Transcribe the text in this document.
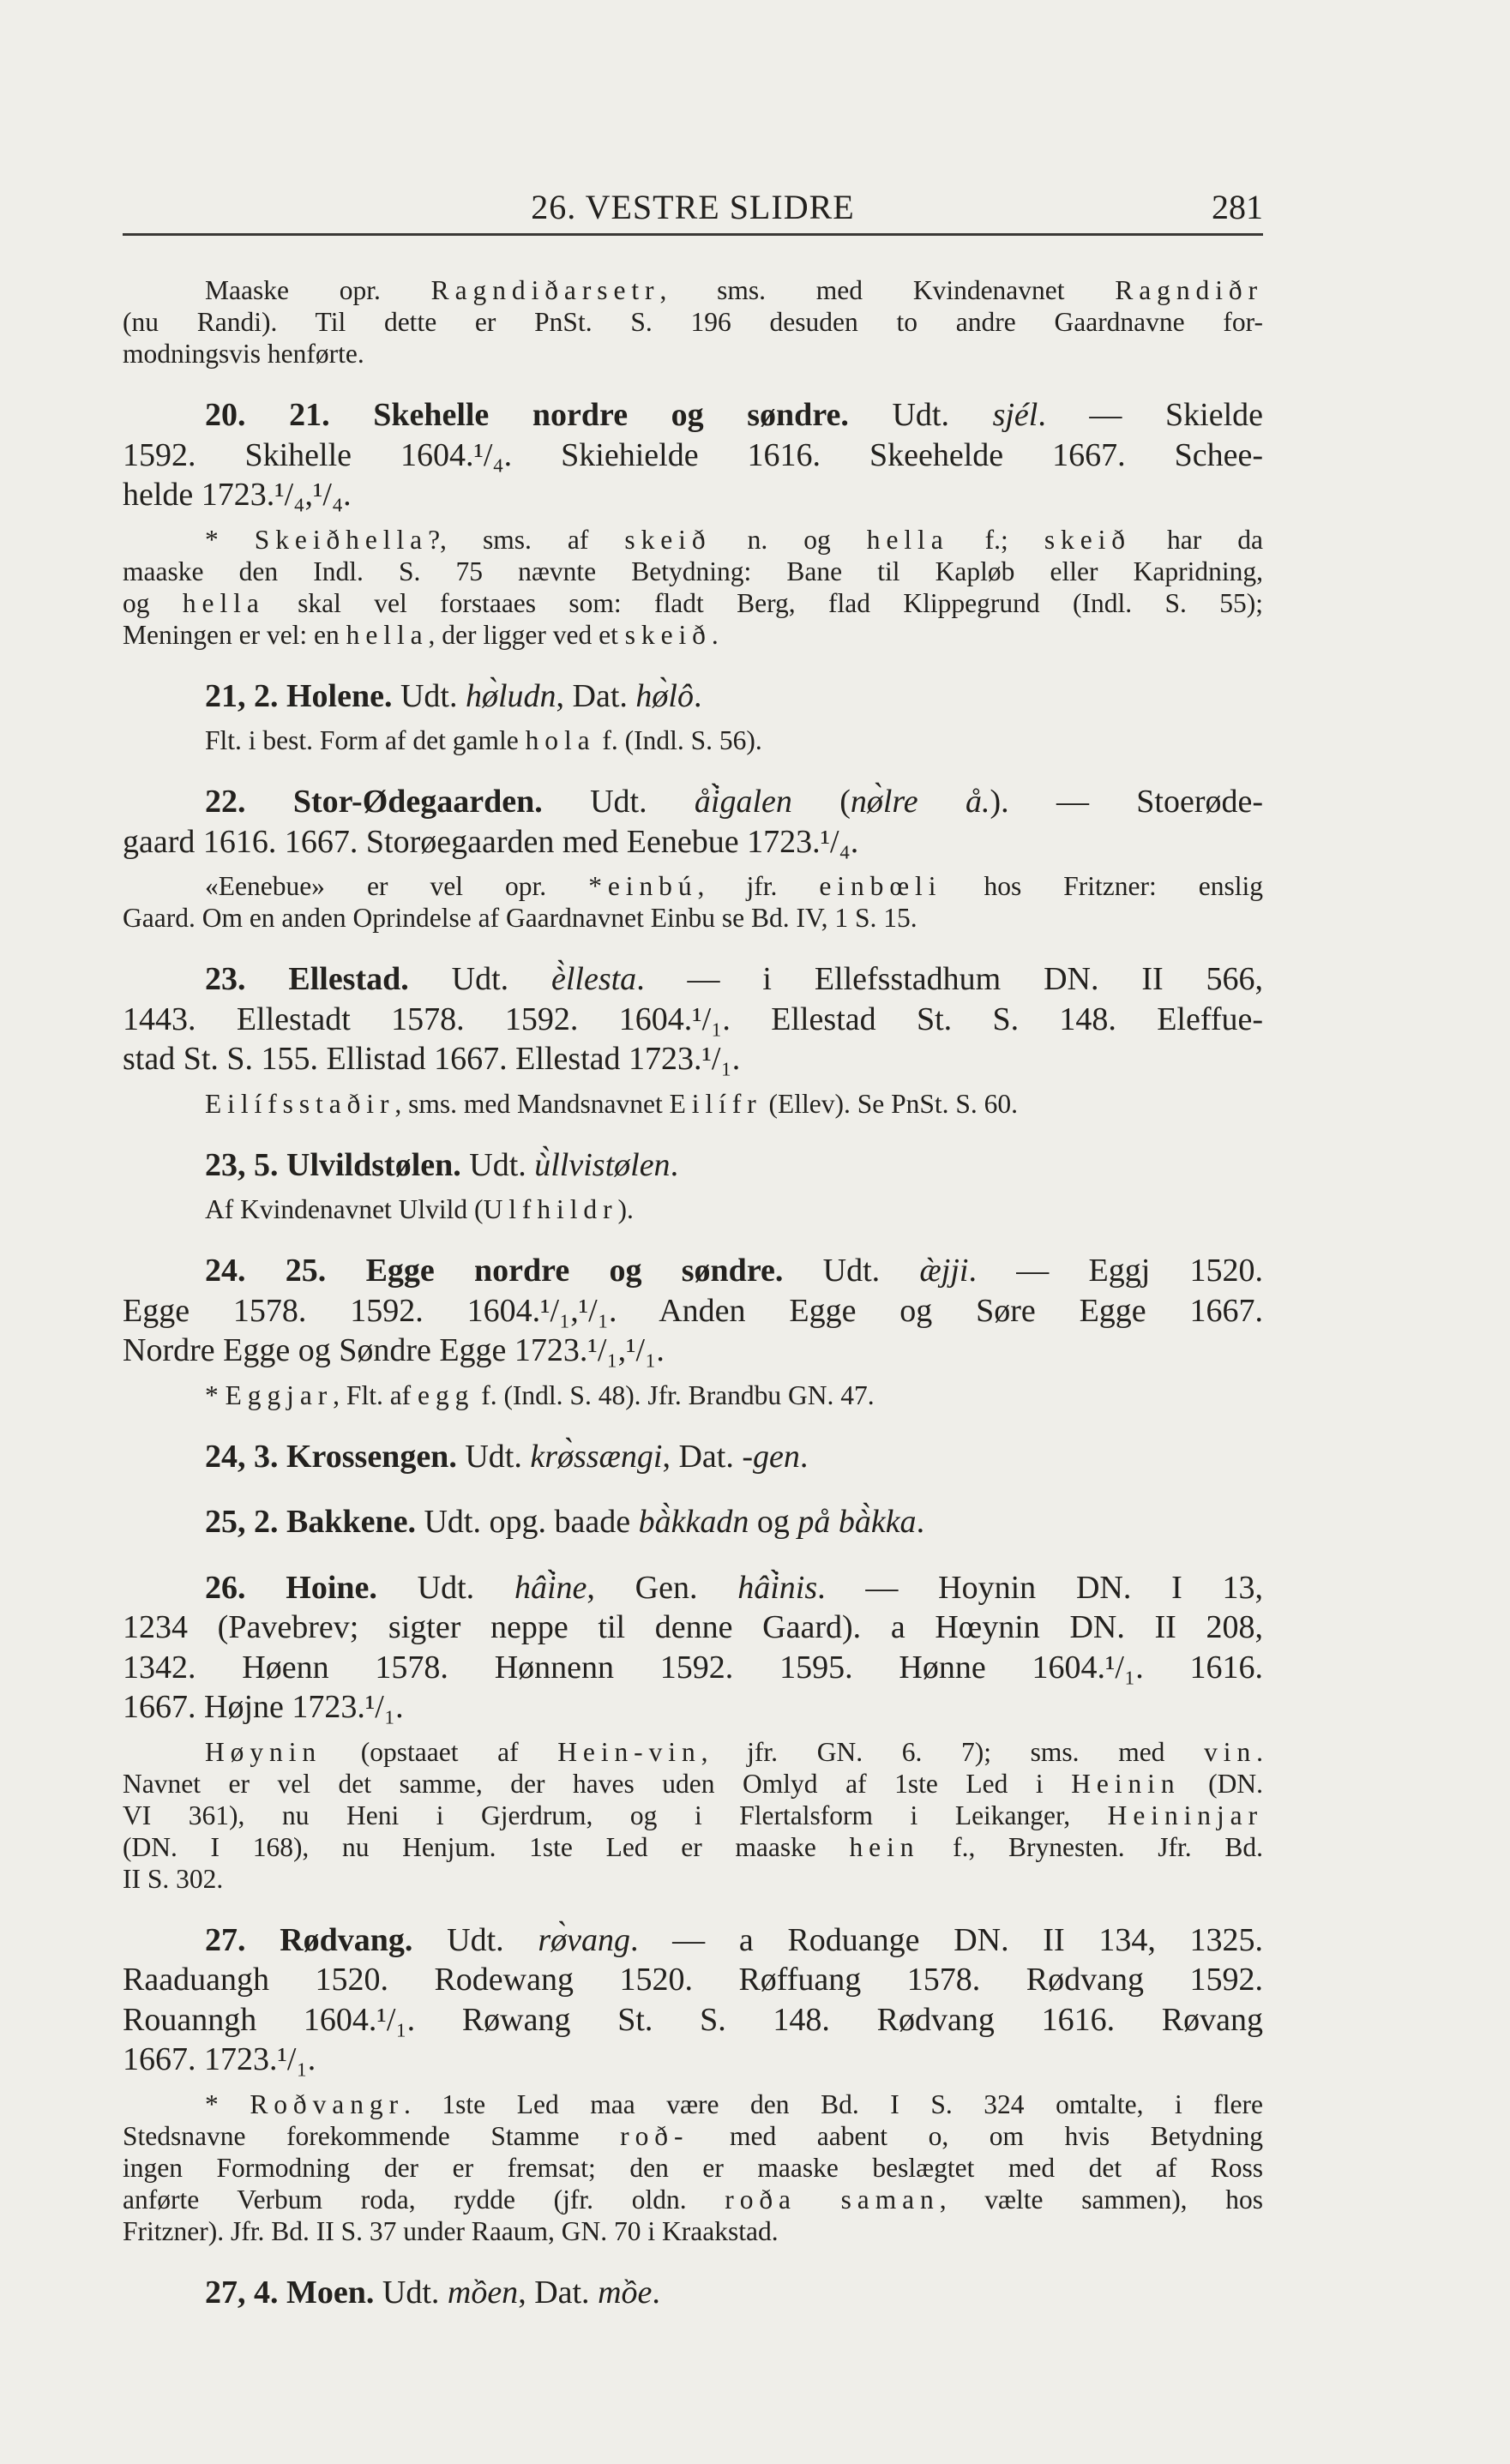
26. VESTRE SLIDRE	281
Maaske opr. Ragndiðarsetr, sms. med Kvindenavnet Ragndiðr
(nu Randi). Til dette er PnSt. S. 196 desuden to andre Gaardnavne for-
modningsvis henførte.
20. 21. Skehelle nordre og søndre. Udt. sjél. — Skielde
1592. Skihelle 1604.¹/₄. Skiehielde 1616. Skeehelde 1667. Schee-
helde 1723.¹/₄,¹/₄.
* Skeiðhella?, sms. af skeið n. og hella f.; skeið har da
maaske den Indl. S. 75 nævnte Betydning: Bane til Kapløb eller Kapridning,
og hella skal vel forstaaes som: fladt Berg, flad Klippegrund (Indl. S. 55);
Meningen er vel: en hella, der ligger ved et skeið.
21, 2. Holene. Udt. hø̀ludn, Dat. hø̀lô.
Flt. i best. Form af det gamle hola f. (Indl. S. 56).
22. Stor-Ødegaarden. Udt. åi̇̀galen (nø̀lre å.). — Stoerøde-
gaard 1616. 1667. Storøegaarden med Eenebue 1723.¹/₄.
«Eenebue» er vel opr. *einbú, jfr. einbœli hos Fritzner: enslig
Gaard. Om en anden Oprindelse af Gaardnavnet Einbu se Bd. IV, 1 S. 15.
23. Ellestad. Udt. è̀llesta. — i Ellefsstadhum DN. II 566,
1443. Ellestadt 1578. 1592. 1604.¹/₁. Ellestad St. S. 148. Eleffue-
stad St. S. 155. Ellistad 1667. Ellestad 1723.¹/₁.
Eilífsstaðir, sms. med Mandsnavnet Eilífr (Ellev). Se PnSt. S. 60.
23, 5. Ulvildstølen. Udt. ù̀llvistølen.
Af Kvindenavnet Ulvild (Ulfhildr).
24. 25. Egge nordre og søndre. Udt. æ̀jji. — Eggj 1520.
Egge 1578. 1592. 1604.¹/₁,¹/₁. Anden Egge og Søre Egge 1667.
Nordre Egge og Søndre Egge 1723.¹/₁,¹/₁.
* Eggjar, Flt. af egg f. (Indl. S. 48). Jfr. Brandbu GN. 47.
24, 3. Krossengen. Udt. krø̀ssængi, Dat. -gen.
25, 2. Bakkene. Udt. opg. baade bà̀kkadn og på bà̀kka.
26. Hoine. Udt. hâi̇̀ne, Gen. hâi̇̀nis. — Hoynin DN. I 13,
1234 (Pavebrev; sigter neppe til denne Gaard). a Hœynin DN. II 208,
1342. Høenn 1578. Hønnenn 1592. 1595. Hønne 1604.¹/₁. 1616.
1667. Højne 1723.¹/₁.
Høynin (opstaaet af Hein-vin, jfr. GN. 6. 7); sms. med vin.
Navnet er vel det samme, der haves uden Omlyd af 1ste Led i Heinin (DN.
VI 361), nu Heni i Gjerdrum, og i Flertalsform i Leikanger, Heininjar
(DN. I 168), nu Henjum. 1ste Led er maaske hein f., Brynesten. Jfr. Bd.
II S. 302.
27. Rødvang. Udt. rø̀vang. — a Roduange DN. II 134, 1325.
Raaduangh 1520. Rodewang 1520. Røffuang 1578. Rødvang 1592.
Rouanngh 1604.¹/₁. Røwang St. S. 148. Rødvang 1616. Røvang
1667. 1723.¹/₁.
* Roðvangr. 1ste Led maa være den Bd. I S. 324 omtalte, i flere
Stedsnavne forekommende Stamme roð- med aabent o, om hvis Betydning
ingen Formodning der er fremsat; den er maaske beslægtet med det af Ross
anførte Verbum roda, rydde (jfr. oldn. roða saman, vælte sammen), hos
Fritzner). Jfr. Bd. II S. 37 under Raaum, GN. 70 i Kraakstad.
27, 4. Moen. Udt. mồen, Dat. mồe.
